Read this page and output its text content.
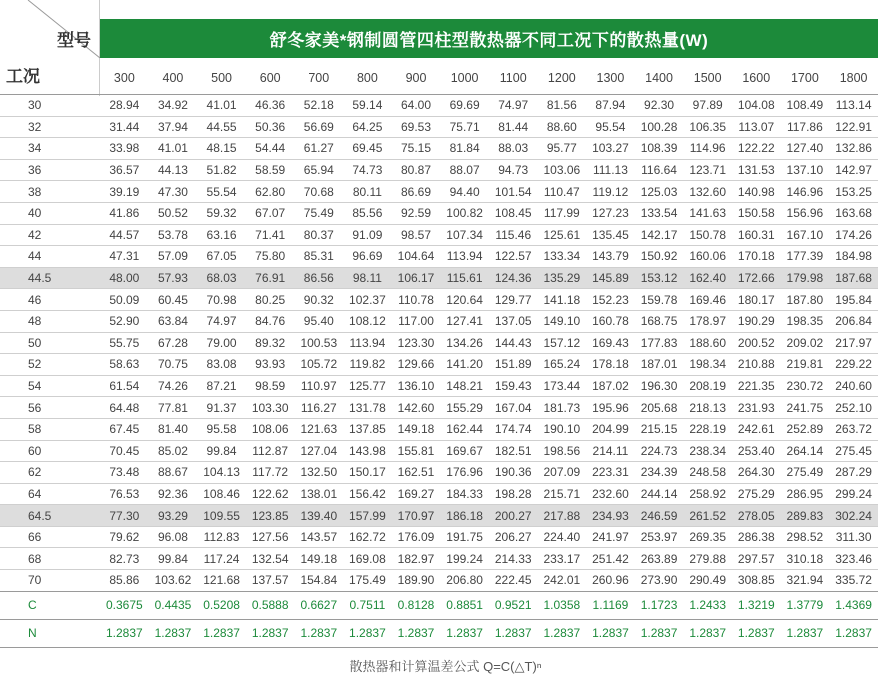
型号
工况
舒冬家美*钢制圆管四柱型散热器不同工况下的散热量(W)
	300	400	500	600	700	800	900	1000	1100	1200	1300	1400	1500	1600	1700	1800
30	28.94	34.92	41.01	46.36	52.18	59.14	64.00	69.69	74.97	81.56	87.94	92.30	97.89	104.08	108.49	113.14
32	31.44	37.94	44.55	50.36	56.69	64.25	69.53	75.71	81.44	88.60	95.54	100.28	106.35	113.07	117.86	122.91
34	33.98	41.01	48.15	54.44	61.27	69.45	75.15	81.84	88.03	95.77	103.27	108.39	114.96	122.22	127.40	132.86
36	36.57	44.13	51.82	58.59	65.94	74.73	80.87	88.07	94.73	103.06	111.13	116.64	123.71	131.53	137.10	142.97
38	39.19	47.30	55.54	62.80	70.68	80.11	86.69	94.40	101.54	110.47	119.12	125.03	132.60	140.98	146.96	153.25
40	41.86	50.52	59.32	67.07	75.49	85.56	92.59	100.82	108.45	117.99	127.23	133.54	141.63	150.58	156.96	163.68
42	44.57	53.78	63.16	71.41	80.37	91.09	98.57	107.34	115.46	125.61	135.45	142.17	150.78	160.31	167.10	174.26
44	47.31	57.09	67.05	75.80	85.31	96.69	104.64	113.94	122.57	133.34	143.79	150.92	160.06	170.18	177.39	184.98
44.5	48.00	57.93	68.03	76.91	86.56	98.11	106.17	115.61	124.36	135.29	145.89	153.12	162.40	172.66	179.98	187.68
46	50.09	60.45	70.98	80.25	90.32	102.37	110.78	120.64	129.77	141.18	152.23	159.78	169.46	180.17	187.80	195.84
48	52.90	63.84	74.97	84.76	95.40	108.12	117.00	127.41	137.05	149.10	160.78	168.75	178.97	190.29	198.35	206.84
50	55.75	67.28	79.00	89.32	100.53	113.94	123.30	134.26	144.43	157.12	169.43	177.83	188.60	200.52	209.02	217.97
52	58.63	70.75	83.08	93.93	105.72	119.82	129.66	141.20	151.89	165.24	178.18	187.01	198.34	210.88	219.81	229.22
54	61.54	74.26	87.21	98.59	110.97	125.77	136.10	148.21	159.43	173.44	187.02	196.30	208.19	221.35	230.72	240.60
56	64.48	77.81	91.37	103.30	116.27	131.78	142.60	155.29	167.04	181.73	195.96	205.68	218.13	231.93	241.75	252.10
58	67.45	81.40	95.58	108.06	121.63	137.85	149.18	162.44	174.74	190.10	204.99	215.15	228.19	242.61	252.89	263.72
60	70.45	85.02	99.84	112.87	127.04	143.98	155.81	169.67	182.51	198.56	214.11	224.73	238.34	253.40	264.14	275.45
62	73.48	88.67	104.13	117.72	132.50	150.17	162.51	176.96	190.36	207.09	223.31	234.39	248.58	264.30	275.49	287.29
64	76.53	92.36	108.46	122.62	138.01	156.42	169.27	184.33	198.28	215.71	232.60	244.14	258.92	275.29	286.95	299.24
64.5	77.30	93.29	109.55	123.85	139.40	157.99	170.97	186.18	200.27	217.88	234.93	246.59	261.52	278.05	289.83	302.24
66	79.62	96.08	112.83	127.56	143.57	162.72	176.09	191.75	206.27	224.40	241.97	253.97	269.35	286.38	298.52	311.30
68	82.73	99.84	117.24	132.54	149.18	169.08	182.97	199.24	214.33	233.17	251.42	263.89	279.88	297.57	310.18	323.46
70	85.86	103.62	121.68	137.57	154.84	175.49	189.90	206.80	222.45	242.01	260.96	273.90	290.49	308.85	321.94	335.72
C	0.3675	0.4435	0.5208	0.5888	0.6627	0.7511	0.8128	0.8851	0.9521	1.0358	1.1169	1.1723	1.2433	1.3219	1.3779	1.4369
N	1.2837	1.2837	1.2837	1.2837	1.2837	1.2837	1.2837	1.2837	1.2837	1.2837	1.2837	1.2837	1.2837	1.2837	1.2837	1.2837
散热器和计算温差公式 Q=C(△T)ⁿ
